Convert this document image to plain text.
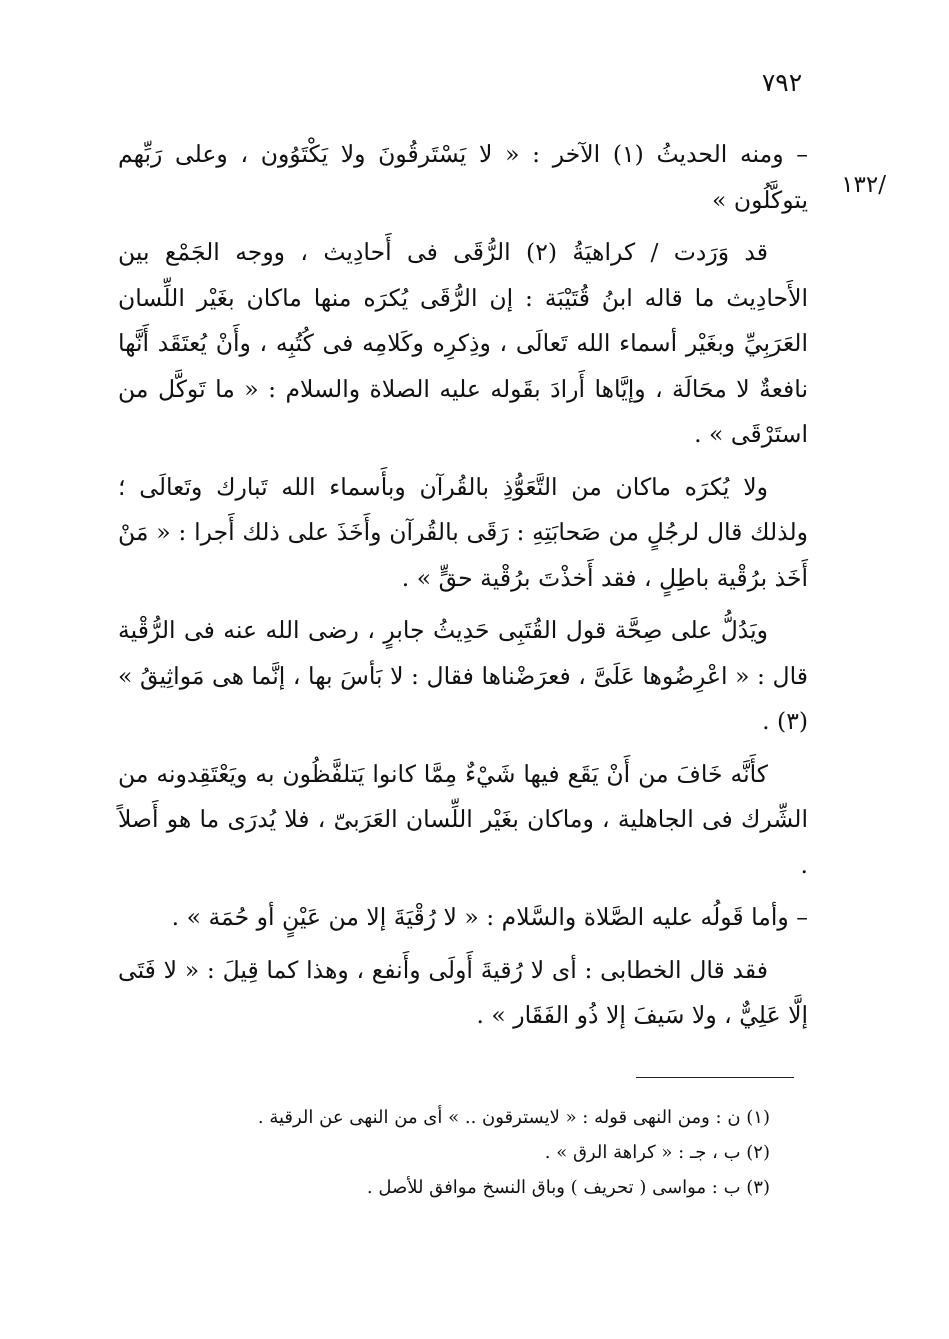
٧٩٢
/١٣٢

– ومنه الحديثُ (١) الآخر : « لا يَسْتَرقُونَ ولا يَكْتَوُون ، وعلى رَبِّهم يتوكَّلُون »

قد وَرَدت / كراهيَةُ (٢) الرُّقَى فى أَحادِيث ، ووجه الجَمْع بين الأَحادِيث ما قاله ابنُ قُتَيْبَة : إن الرُّقَى يُكرَه منها ماكان بغَيْر اللِّسان العَرَبِيِّ وبغَيْر أسماء الله تَعالَى ، وذِكرِه وكَلامِه فى كُتُبِه ، وأَنْ يُعتَقَد أَنَّها نافعةٌ لا محَالَة ، وإيَّاها أَرادَ بقَوله عليه الصلاة والسلام : « ما تَوكَّل من استَرْقَى » .

ولا يُكرَه ماكان من التَّعَوُّذِ بالقُرآن وبأَسماء الله تَبارك وتَعالَى ؛ ولذلك قال لرجُلٍ من صَحابَتِهِ : رَقَى بالقُرآن وأَخَذَ على ذلك أَجرا : « مَنْ أَخَذ برُقْية باطِلٍ ، فقد أَخذْتَ برُقْية حقٍّ » .

ويَدُلُّ على صِحَّة قول القُتَبِى حَدِيثُ جابرٍ ، رضى الله عنه فى الرُّقْية قال : « اعْرِضُوها عَلَىَّ ، فعرَضْناها فقال : لا بَأسَ بها ، إنَّما هى مَواثِيقُ » (٣) .

كأَنَّه خَافَ من أَنْ يَقَع فيها شَيْءٌ مِمَّا كانوا يَتلفَّظُون به ويَعْتَقِدونه من الشِّرك فى الجاهلية ، وماكان بغَيْر اللِّسان العَرَبىّ ، فلا يُدرَى ما هو أَصلاً .

– وأما قَولُه عليه الصَّلاة والسَّلام : « لا رُقْيَةَ إلا من عَيْنٍ أو حُمَة » .

فقد قال الخطابى : أى لا رُقيةَ أَولَى وأَنفع ، وهذا كما قِيلَ : « لا فَتَى إلَّا عَلِيٌّ ، ولا سَيفَ إلا ذُو الفَقَار » .

(١) ن : ومن النهى قوله : « لايسترقون .. » أى من النهى عن الرقية .
(٢) ب ، جـ : « كراهة الرق » .
(٣) ب : مواسى ( تحريف ) وباق النسخ موافق للأصل .
